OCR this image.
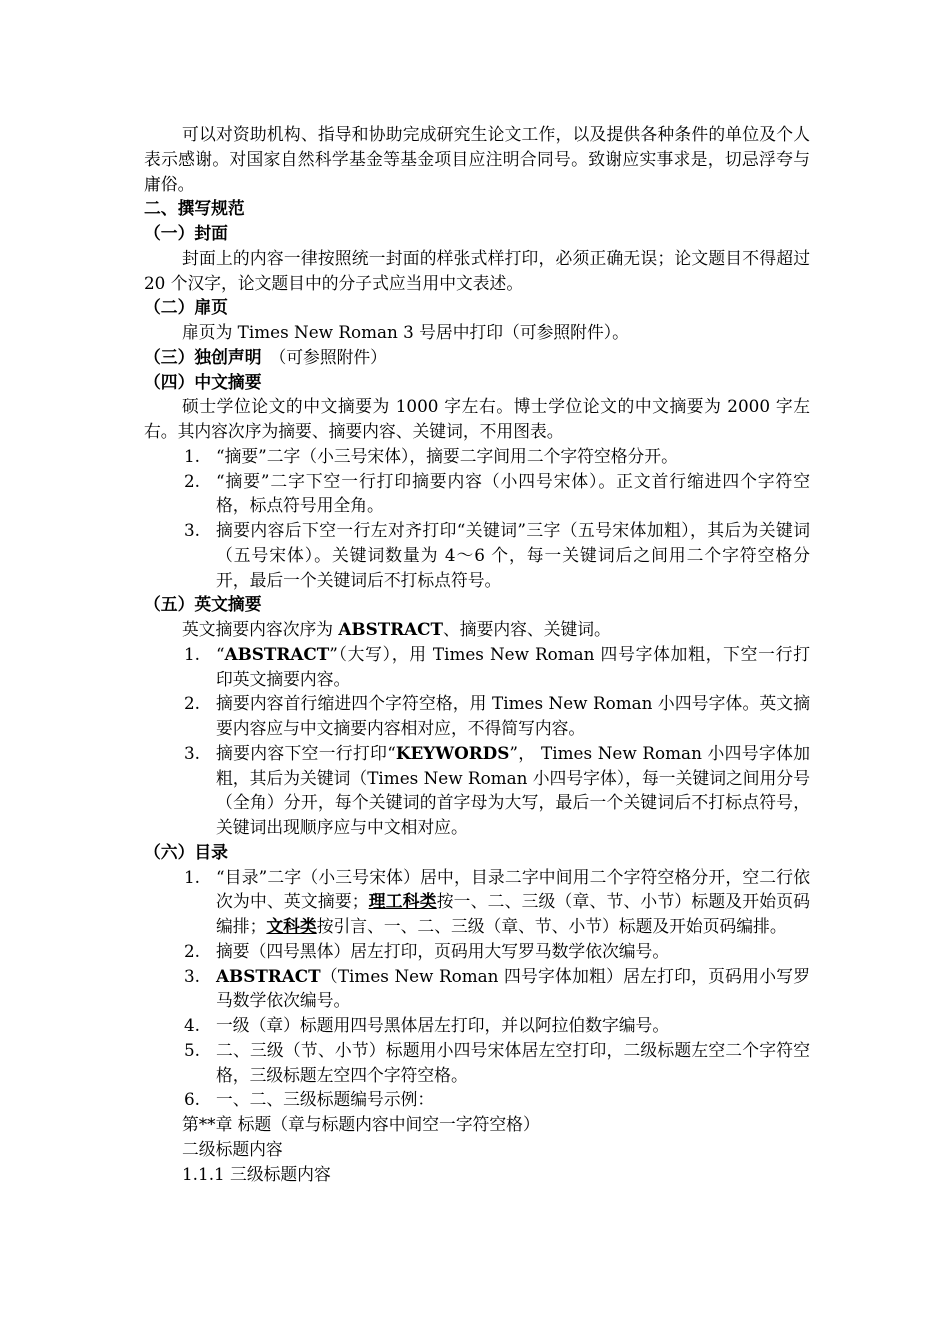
可以对资助机构、指导和协助完成研究生论文工作，以及提供各种条件的单位及个人表示感谢。对国家自然科学基金等基金项目应注明合同号。致谢应实事求是，切忌浮夸与庸俗。

二、撰写规范

（一）封面

封面上的内容一律按照统一封面的样张式样打印，必须正确无误；论文题目不得超过 20 个汉字，论文题目中的分子式应当用中文表述。

（二）扉页

扉页为 Times New Roman 3 号居中打印（可参照附件）。

（三）独创声明 （可参照附件）

（四）中文摘要

硕士学位论文的中文摘要为 1000 字左右。博士学位论文的中文摘要为 2000 字左右。其内容次序为摘要、摘要内容、关键词，不用图表。

1. “摘要”二字（小三号宋体），摘要二字间用二个字符空格分开。
2. “摘要”二字下空一行打印摘要内容（小四号宋体）。正文首行缩进四个字符空格，标点符号用全角。
3. 摘要内容后下空一行左对齐打印“关键词”三字（五号宋体加粗），其后为关键词（五号宋体）。关键词数量为 4～6 个，每一关键词后之间用二个字符空格分开，最后一个关键词后不打标点符号。

（五）英文摘要

英文摘要内容次序为 ABSTRACT、摘要内容、关键词。

1. “ABSTRACT”（大写），用 Times New Roman 四号字体加粗，下空一行打印英文摘要内容。
2. 摘要内容首行缩进四个字符空格，用 Times New Roman 小四号字体。英文摘要内容应与中文摘要内容相对应，不得简写内容。
3. 摘要内容下空一行打印“KEYWORDS”， Times New Roman 小四号字体加粗，其后为关键词（Times New Roman 小四号字体），每一关键词之间用分号（全角）分开，每个关键词的首字母为大写，最后一个关键词后不打标点符号，关键词出现顺序应与中文相对应。

（六）目录

1. “目录”二字（小三号宋体）居中，目录二字中间用二个字符空格分开，空二行依次为中、英文摘要；理工科类按一、二、三级（章、节、小节）标题及开始页码编排；文科类按引言、一、二、三级（章、节、小节）标题及开始页码编排。
2. 摘要（四号黑体）居左打印，页码用大写罗马数学依次编号。
3. ABSTRACT（Times New Roman 四号字体加粗）居左打印，页码用小写罗马数学依次编号。
4. 一级（章）标题用四号黑体居左打印，并以阿拉伯数字编号。
5. 二、三级（节、小节）标题用小四号宋体居左空打印，二级标题左空二个字符空格，三级标题左空四个字符空格。
6. 一、二、三级标题编号示例：

第**章 标题（章与标题内容中间空一字符空格）

二级标题内容

1.1.1 三级标题内容
